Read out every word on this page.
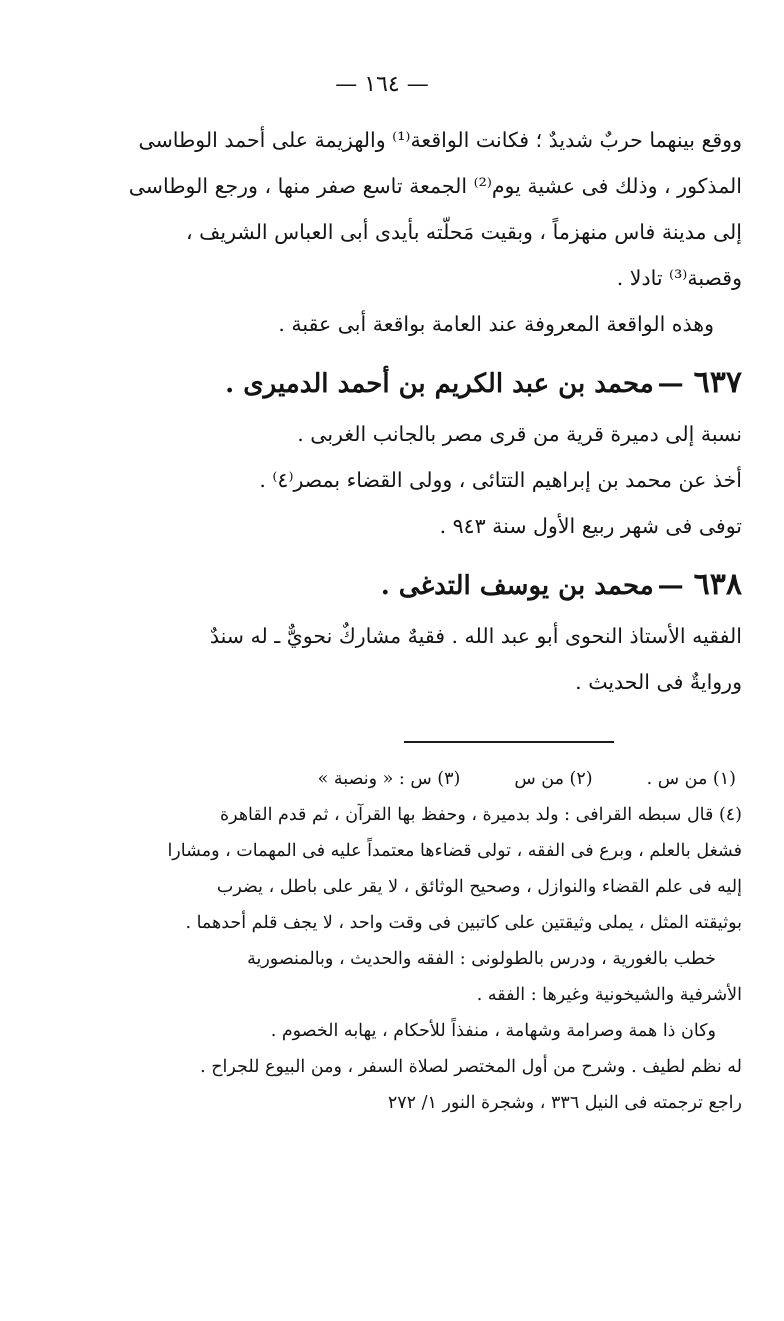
— ١٦٤ —
ووقع بينهما حربٌ شديدٌ ؛ فكانت الواقعة⁽¹⁾ والهزيمة على أحمد الوطاسى
المذكور ، وذلك فى عشية يوم⁽²⁾ الجمعة تاسع صفر منها ، ورجع الوطاسى
إلى مدينة فاس منهزماً ، وبقيت مَحلّته بأيدى أبى العباس الشريف ،
وقصبة⁽³⁾ تادلا .
وهذه الواقعة المعروفة عند العامة بواقعة أبى عقبة .
٦٣٧—محمد بن عبد الكريم بن أحمد الدميرى .
نسبة إلى دميرة قرية من قرى مصر بالجانب الغربى .
أخذ عن محمد بن إبراهيم التتائى ، وولى القضاء بمصر⁽٤⁾ .
توفى فى شهر ربيع الأول سنة ٩٤٣ .
٦٣٨—محمد بن يوسف التدغى .
الفقيه الأستاذ النحوى أبو عبد الله . فقيهٌ مشاركٌ نحويٌّ ـ له سندٌ
وروايةٌ فى الحديث .
(١) من س .
(٢) من س
(٣) س : « ونصبة »
(٤) قال سبطه القرافى : ولد بدميرة ، وحفظ بها القرآن ، ثم قدم القاهرة
فشغل بالعلم ، وبرع فى الفقه ، تولى قضاءها معتمداً عليه فى المهمات ، ومشارا
إليه فى علم القضاء والنوازل ، وصحيح الوثائق ، لا يقر على باطل ، يضرب
بوثيقته المثل ، يملى وثيقتين على كاتبين فى وقت واحد ، لا يجف قلم أحدهما .
خطب بالغورية ، ودرس بالطولونى : الفقه والحديث ، وبالمنصورية
الأشرفية والشيخونية وغيرها : الفقه .
وكان ذا همة وصرامة وشهامة ، منفذاً للأحكام ، يهابه الخصوم .
له نظم لطيف . وشرح من أول المختصر لصلاة السفر ، ومن البيوع للجراح .
راجع ترجمته فى النيل ٣٣٦ ، وشجرة النور ١/ ٢٧٢
